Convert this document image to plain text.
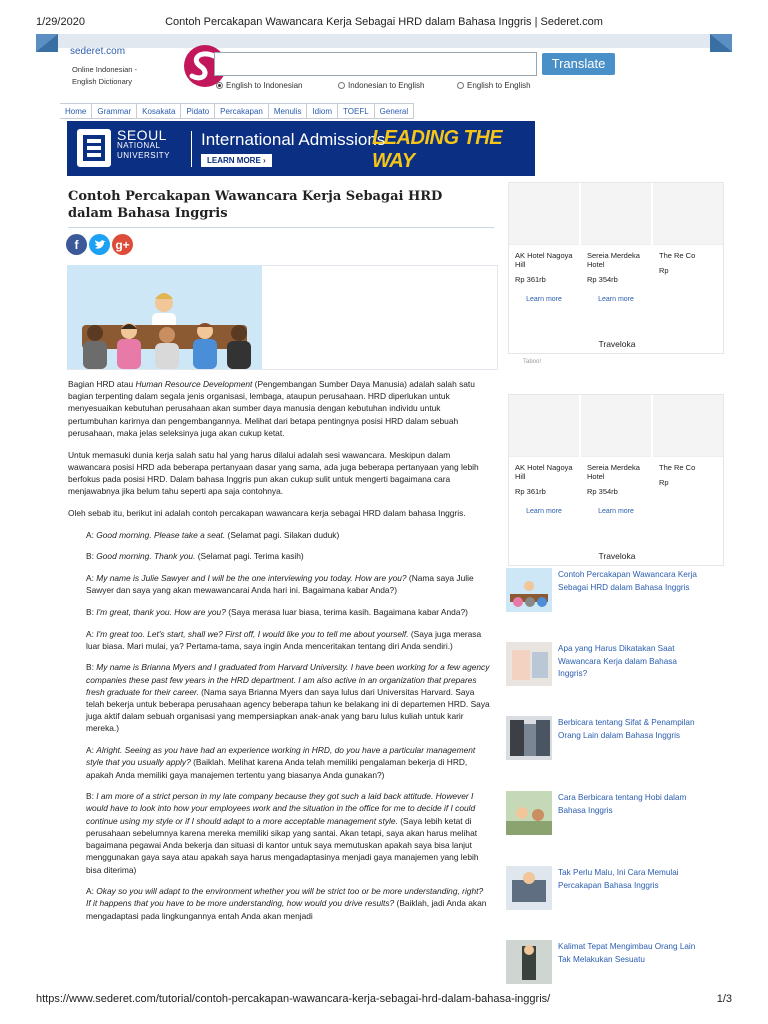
1/29/2020	Contoh Percakapan Wawancara Kerja Sebagai HRD dalam Bahasa Inggris | Sederet.com
sederet.com
Online Indonesian -
English Dictionary
Translate
English to Indonesian	Indonesian to English	English to English
Home	Grammar	Kosakata	Pidato	Percakapan	Menulis	Idiom	TOEFL	General
SEOUL
NATIONAL
UNIVERSITY
International Admissions
LEADING THE WAY
LEARN MORE ›
Contoh Percakapan Wawancara Kerja Sebagai HRD dalam Bahasa Inggris
f	g+

Bagian HRD atau Human Resource Development (Pengembangan Sumber Daya Manusia) adalah salah satu bagian terpenting dalam segala jenis organisasi, lembaga, ataupun perusahaan. HRD diperlukan untuk menyesuaikan kebutuhan perusahaan akan sumber daya manusia dengan kebutuhan individu untuk pertumbuhan karirnya dan pengembangannya. Melihat dari betapa pentingnya posisi HRD dalam sebuah perusahaan, maka jelas seleksinya juga akan cukup ketat.

Untuk memasuki dunia kerja salah satu hal yang harus dilalui adalah sesi wawancara. Meskipun dalam wawancara posisi HRD ada beberapa pertanyaan dasar yang sama, ada juga beberapa pertanyaan yang lebih berfokus pada posisi HRD. Dalam bahasa Inggris pun akan cukup sulit untuk mengerti bagaimana cara menjawabnya jika belum tahu seperti apa saja contohnya.

Oleh sebab itu, berikut ini adalah contoh percakapan wawancara kerja sebagai HRD dalam bahasa Inggris.

A: Good morning. Please take a seat. (Selamat pagi. Silakan duduk)

B: Good morning. Thank you. (Selamat pagi. Terima kasih)

A: My name is Julie Sawyer and I will be the one interviewing you today. How are you? (Nama saya Julie Sawyer dan saya yang akan mewawancarai Anda hari ini. Bagaimana kabar Anda?)

B: I'm great, thank you. How are you? (Saya merasa luar biasa, terima kasih. Bagaimana kabar Anda?)

A: I'm great too. Let's start, shall we? First off, I would like you to tell me about yourself. (Saya juga merasa luar biasa. Mari mulai, ya? Pertama-tama, saya ingin Anda menceritakan tentang diri Anda sendiri.)

B: My name is Brianna Myers and I graduated from Harvard University. I have been working for a few agency companies these past few years in the HRD department. I am also active in an organization that prepares fresh graduate for their career. (Nama saya Brianna Myers dan saya lulus dari Universitas Harvard. Saya telah bekerja untuk beberapa perusahaan agency beberapa tahun ke belakang ini di departemen HRD. Saya juga aktif dalam sebuah organisasi yang mempersiapkan anak-anak yang baru lulus kuliah untuk karir mereka.)

A: Alright. Seeing as you have had an experience working in HRD, do you have a particular management style that you usually apply? (Baiklah. Melihat karena Anda telah memiliki pengalaman bekerja di HRD, apakah Anda memiliki gaya manajemen tertentu yang biasanya Anda gunakan?)

B: I am more of a strict person in my late company because they got such a laid back attitude. However I would have to look into how your employees work and the situation in the office for me to decide if I could continue using my style or if I should adapt to a more acceptable management style. (Saya lebih ketat di perusahaan sebelumnya karena mereka memiliki sikap yang santai. Akan tetapi, saya akan harus melihat bagaimana pegawai Anda bekerja dan situasi di kantor untuk saya memutuskan apakah saya bisa lanjut menggunakan gaya saya atau apakah saya harus mengadaptasinya menjadi gaya manajemen yang lebih bisa diterima)

A: Okay so you will adapt to the environment whether you will be strict too or be more understanding, right? If it happens that you have to be more understanding, how would you drive results? (Baiklah, jadi Anda akan mengadaptasi pada lingkungannya entah Anda akan menjadi

AK Hotel Nagoya Hill
Rp 361rb
Learn more
Sereia Merdeka Hotel
Rp 354rb
Learn more
The Re Co
Rp
Traveloka
Taboo!
AK Hotel Nagoya Hill
Rp 361rb
Learn more
Sereia Merdeka Hotel
Rp 354rb
Learn more
The Re Co
Rp
Traveloka
Contoh Percakapan Wawancara Kerja Sebagai HRD dalam Bahasa Inggris
Apa yang Harus Dikatakan Saat Wawancara Kerja dalam Bahasa Inggris?
Berbicara tentang Sifat & Penampilan Orang Lain dalam Bahasa Inggris
Cara Berbicara tentang Hobi dalam Bahasa Inggris
Tak Perlu Malu, Ini Cara Memulai Percakapan Bahasa Inggris
Kalimat Tepat Mengimbau Orang Lain Tak Melakukan Sesuatu
https://www.sederet.com/tutorial/contoh-percakapan-wawancara-kerja-sebagai-hrd-dalam-bahasa-inggris/	1/3
